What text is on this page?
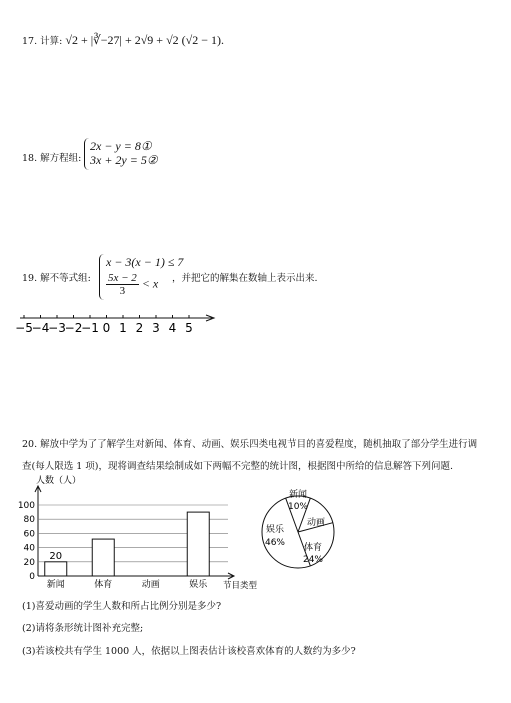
17. 计算: √2 + |∛−27| + 2√9 + √2 (√2 − 1).
18. 解方程组:
2x − y = 8①
3x + 2y = 5②
19. 解不等式组:
x − 3(x − 1) ≤ 7
$\frac{5x - 2}{3} < x$	，并把它的解集在数轴上表示出来.
−5
−4
−3
−2
−1 0 1 2 3 4 5
20. 解放中学为了了解学生对新闻、体育、动画、娱乐四类电视节目的喜爱程度，随机抽取了部分学生进行调
查(每人限选 1 项)，现将调查结果绘制成如下两幅不完整的统计图，根据图中所给的信息解答下列问题.
人数（人）
0
20
40
60
80
100
20
新闻	体育	动画	娱乐 节目类型
新闻
10%
动画
体育
24%
娱乐
46%
(1)喜爱动画的学生人数和所占比例分别是多少?
(2)请将条形统计图补充完整;
(3)若该校共有学生 1000 人，依据以上图表估计该校喜欢体育的人数约为多少?
